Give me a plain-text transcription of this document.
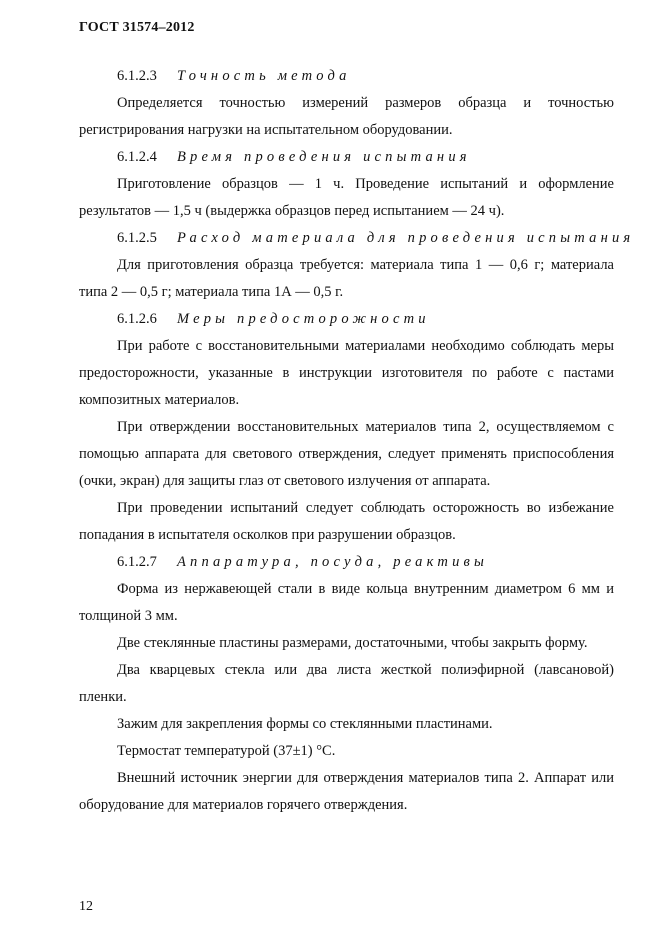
ГОСТ 31574–2012

6.1.2.3 Точность метода

Определяется точностью измерений размеров образца и точностью регистрирования нагрузки на испытательном оборудовании.

6.1.2.4 Время проведения испытания

Приготовление образцов — 1 ч. Проведение испытаний и оформление результатов — 1,5 ч (выдержка образцов перед испытанием — 24 ч).

6.1.2.5 Расход материала для проведения испытания

Для приготовления образца требуется: материала типа 1 — 0,6 г; материала типа 2 — 0,5 г; материала типа 1А — 0,5 г.

6.1.2.6 Меры предосторожности

При работе с восстановительными материалами необходимо соблюдать меры предосторожности, указанные в инструкции изготовителя по работе с пастами композитных материалов.

При отверждении восстановительных материалов типа 2, осуществляемом с помощью аппарата для светового отверждения, следует применять приспособления (очки, экран) для защиты глаз от светового излучения от аппарата.

При проведении испытаний следует соблюдать осторожность во избежание попадания в испытателя осколков при разрушении образцов.

6.1.2.7 Аппаратура, посуда, реактивы

Форма из нержавеющей стали в виде кольца внутренним диаметром 6 мм и толщиной 3 мм.

Две стеклянные пластины размерами, достаточными, чтобы закрыть форму.

Два кварцевых стекла или два листа жесткой полиэфирной (лавсановой) пленки.

Зажим для закрепления формы со стеклянными пластинами.

Термостат температурой (37±1) °С.

Внешний источник энергии для отверждения материалов типа 2. Аппарат или оборудование для материалов горячего отверждения.

12
